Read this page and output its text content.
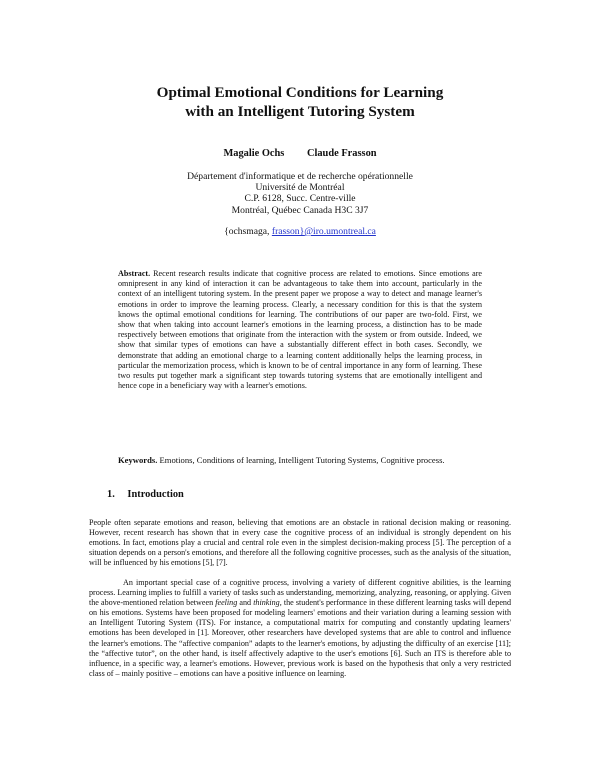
Optimal Emotional Conditions for Learning
with an Intelligent Tutoring System
Magalie Ochs Claude Frasson
Département d'informatique et de recherche opérationnelle
Université de Montréal
C.P. 6128, Succ. Centre-ville
Montréal, Québec Canada H3C 3J7
{ochsmaga, frasson}@iro.umontreal.ca
Abstract. Recent research results indicate that cognitive process are related to emotions. Since emotions are omnipresent in any kind of interaction it can be advantageous to take them into account, particularly in the context of an intelligent tutoring system. In the present paper we propose a way to detect and manage learner's emotions in order to improve the learning process. Clearly, a necessary condition for this is that the system knows the optimal emotional conditions for learning. The contributions of our paper are two-fold. First, we show that when taking into account learner's emotions in the learning process, a distinction has to be made respectively between emotions that originate from the interaction with the system or from outside. Indeed, we show that similar types of emotions can have a substantially different effect in both cases. Secondly, we demonstrate that adding an emotional charge to a learning content additionally helps the learning process, in particular the memorization process, which is known to be of central importance in any form of learning. These two results put together mark a significant step towards tutoring systems that are emotionally intelligent and hence cope in a beneficiary way with a learner's emotions.
Keywords. Emotions, Conditions of learning, Intelligent Tutoring Systems, Cognitive process.
1. Introduction
People often separate emotions and reason, believing that emotions are an obstacle in rational decision making or reasoning. However, recent research has shown that in every case the cognitive process of an individual is strongly dependent on his emotions. In fact, emotions play a crucial and central role even in the simplest decision-making process [5]. The perception of a situation depends on a person's emotions, and therefore all the following cognitive processes, such as the analysis of the situation, will be influenced by his emotions [5], [7].
An important special case of a cognitive process, involving a variety of different cognitive abilities, is the learning process. Learning implies to fulfill a variety of tasks such as understanding, memorizing, analyzing, reasoning, or applying. Given the above-mentioned relation between feeling and thinking, the student's performance in these different learning tasks will depend on his emotions. Systems have been proposed for modeling learners' emotions and their variation during a learning session with an Intelligent Tutoring System (ITS). For instance, a computational matrix for computing and constantly updating learners' emotions has been developed in [1]. Moreover, other researchers have developed systems that are able to control and influence the learner's emotions. The “affective companion” adapts to the learner's emotions, by adjusting the difficulty of an exercise [11]; the “affective tutor”, on the other hand, is itself affectively adaptive to the user's emotions [6]. Such an ITS is therefore able to influence, in a specific way, a learner's emotions. However, previous work is based on the hypothesis that only a very restricted class of – mainly positive – emotions can have a positive influence on learning.
